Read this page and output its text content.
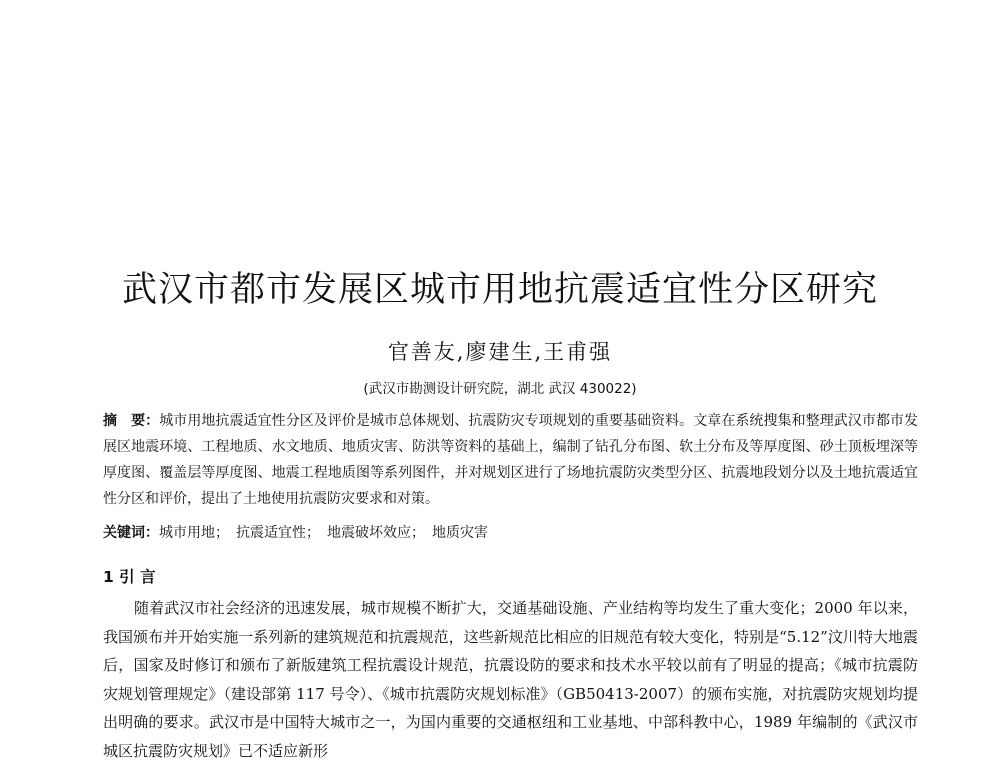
武汉市都市发展区城市用地抗震适宜性分区研究
官善友,廖建生,王甫强
(武汉市勘测设计研究院，湖北 武汉 430022)
摘　要：城市用地抗震适宜性分区及评价是城市总体规划、抗震防灾专项规划的重要基础资料。文章在系统搜集和整理武汉市都市发展区地震环境、工程地质、水文地质、地质灾害、防洪等资料的基础上，编制了钻孔分布图、软土分布及等厚度图、砂土顶板埋深等厚度图、覆盖层等厚度图、地震工程地质图等系列图件，并对规划区进行了场地抗震防灾类型分区、抗震地段划分以及土地抗震适宜性分区和评价，提出了土地使用抗震防灾要求和对策。
关键词：城市用地；　抗震适宜性；　地震破坏效应；　地质灾害
1 引 言
随着武汉市社会经济的迅速发展，城市规模不断扩大，交通基础设施、产业结构等均发生了重大变化；2000 年以来，我国颁布并开始实施一系列新的建筑规范和抗震规范，这些新规范比相应的旧规范有较大变化，特别是“5.12”汶川特大地震后，国家及时修订和颁布了新版建筑工程抗震设计规范，抗震设防的要求和技术水平较以前有了明显的提高；《城市抗震防灾规划管理规定》（建设部第 117 号令）、《城市抗震防灾规划标准》（GB50413-2007）的颁布实施，对抗震防灾规划均提出明确的要求。武汉市是中国特大城市之一，为国内重要的交通枢纽和工业基地、中部科教中心，1989 年编制的《武汉市城区抗震防灾规划》已不适应新形
